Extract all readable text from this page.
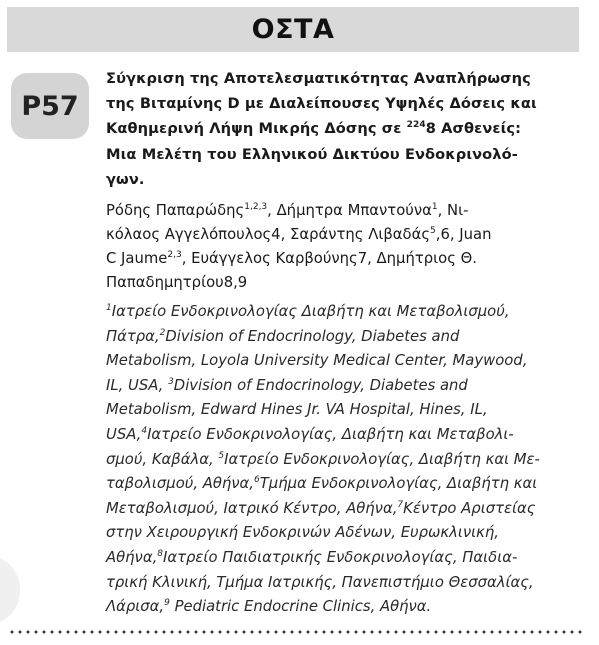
ΟΣΤΑ
P57
Σύγκριση της Αποτελεσματικότητας Αναπλήρωσης
της Βιταμίνης D με Διαλείπουσες Υψηλές Δόσεις και
Καθημερινή Λήψη Μικρής Δόσης σε $^{224}$8 Ασθενείς:
Μια Μελέτη του Ελληνικού Δικτύου Ενδοκρινολό-
γων.
Ρόδης Παπαρώδης$^{1,2,3}$, Δήμητρα Μπαντούνα$^1$, Νι-
κόλαος Αγγελόπουλος4, Σαράντης Λιβαδάς$^5$,6, Juan
C Jaume$^{2,3}$, Ευάγγελος Καρβούνης7, Δημήτριος Θ.
Παπαδημητρίου8,9
$^1$Ιατρείο Ενδοκρινολογίας Διαβήτη και Μεταβολισμού,
Πάτρα,$^2$Division of Endocrinology, Diabetes and
Metabolism, Loyola University Medical Center, Maywood,
IL, USA, $^3$Division of Endocrinology, Diabetes and
Metabolism, Edward Hines Jr. VA Hospital, Hines, IL,
USA,$^4$Ιατρείο Ενδοκρινολογίας, Διαβήτη και Μεταβολι-
σμού, Καβάλα, $^5$Ιατρείο Ενδοκρινολογίας, Διαβήτη και Με-
ταβολισμού, Αθήνα,$^6$Τμήμα Ενδοκρινολογίας, Διαβήτη και
Μεταβολισμού, Ιατρικό Κέντρο, Αθήνα,$^7$Κέντρο Αριστείας
στην Χειρουργική Ενδοκρινών Αδένων, Ευρωκλινική,
Αθήνα,$^8$Ιατρείο Παιδιατρικής Ενδοκρινολογίας, Παιδια-
τρική Κλινική, Τμήμα Ιατρικής, Πανεπιστήμιο Θεσσαλίας,
Λάρισα,$^9$ Pediatric Endocrine Clinics, Αθήνα.
